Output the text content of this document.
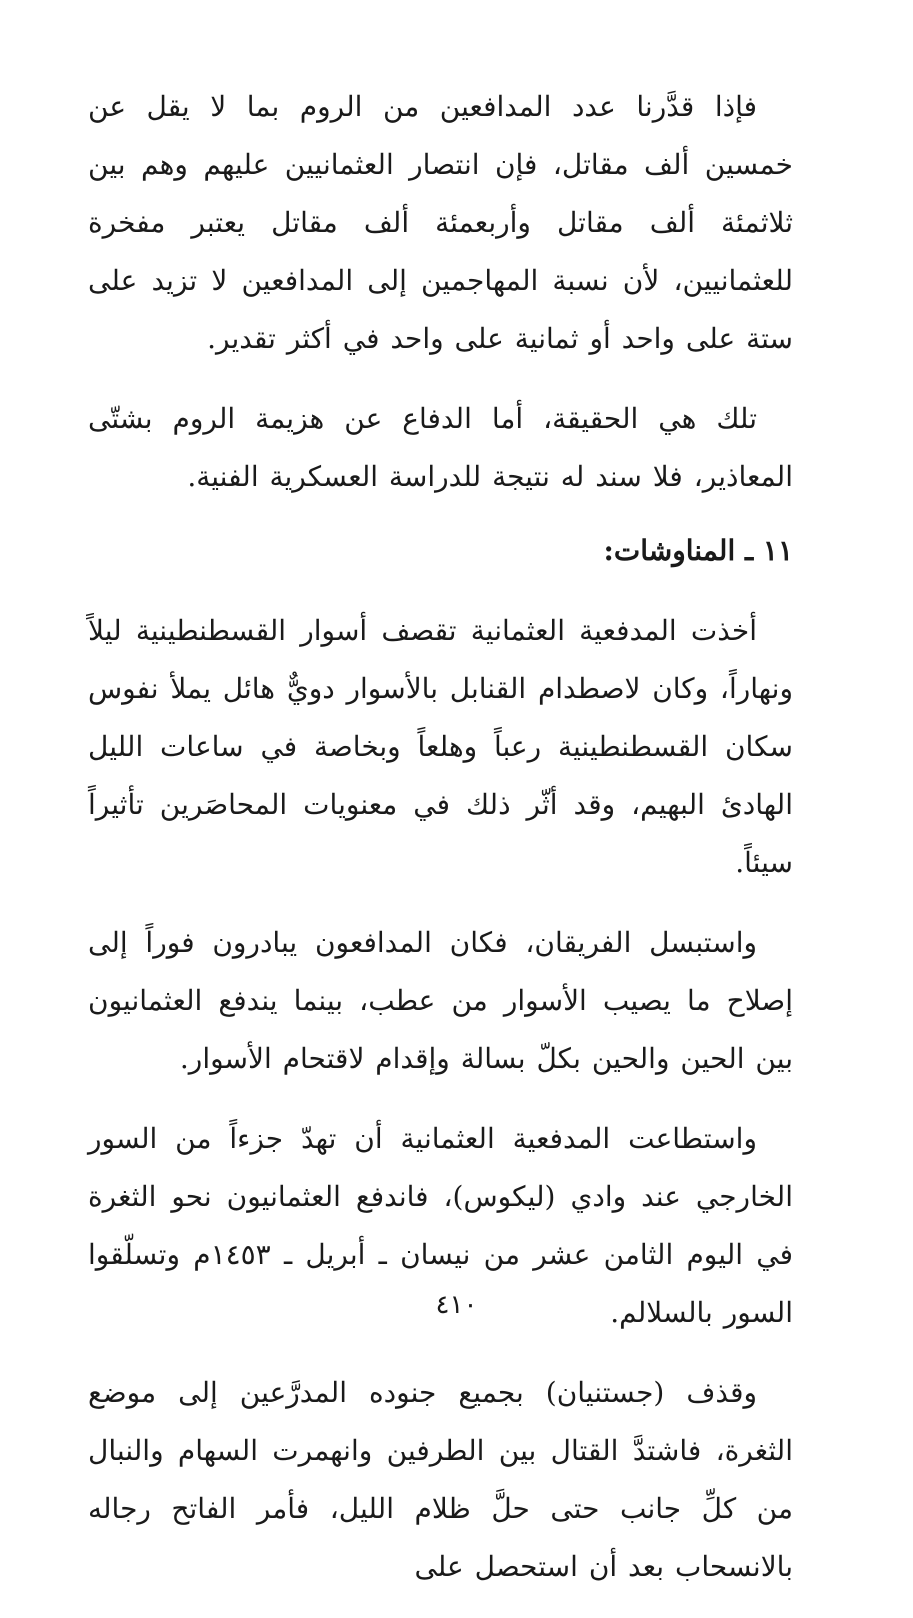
فإذا قدَّرنا عدد المدافعين من الروم بما لا يقل عن خمسين ألف مقاتل، فإن انتصار العثمانيين عليهم وهم بين ثلاثمئة ألف مقاتل وأربعمئة ألف مقاتل يعتبر مفخرة للعثمانيين، لأن نسبة المهاجمين إلى المدافعين لا تزيد على ستة على واحد أو ثمانية على واحد في أكثر تقدير.

تلك هي الحقيقة، أما الدفاع عن هزيمة الروم بشتّى المعاذير، فلا سند له نتيجة للدراسة العسكرية الفنية.

١١ ـ المناوشات:

أخذت المدفعية العثمانية تقصف أسوار القسطنطينية ليلاً ونهاراً، وكان لاصطدام القنابل بالأسوار دويٌّ هائل يملأ نفوس سكان القسطنطينية رعباً وهلعاً وبخاصة في ساعات الليل الهادئ البهيم، وقد أثّر ذلك في معنويات المحاصَرين تأثيراً سيئاً.

واستبسل الفريقان، فكان المدافعون يبادرون فوراً إلى إصلاح ما يصيب الأسوار من عطب، بينما يندفع العثمانيون بين الحين والحين بكلّ بسالة وإقدام لاقتحام الأسوار.

واستطاعت المدفعية العثمانية أن تهدّ جزءاً من السور الخارجي عند وادي (ليكوس)، فاندفع العثمانيون نحو الثغرة في اليوم الثامن عشر من نيسان ـ أبريل ـ ١٤٥٣م وتسلّقوا السور بالسلالم.

وقذف (جستنيان) بجميع جنوده المدرَّعين إلى موضع الثغرة، فاشتدَّ القتال بين الطرفين وانهمرت السهام والنبال من كلِّ جانب حتى حلَّ ظلام الليل، فأمر الفاتح رجاله بالانسحاب بعد أن استحصل على

٤١٠
